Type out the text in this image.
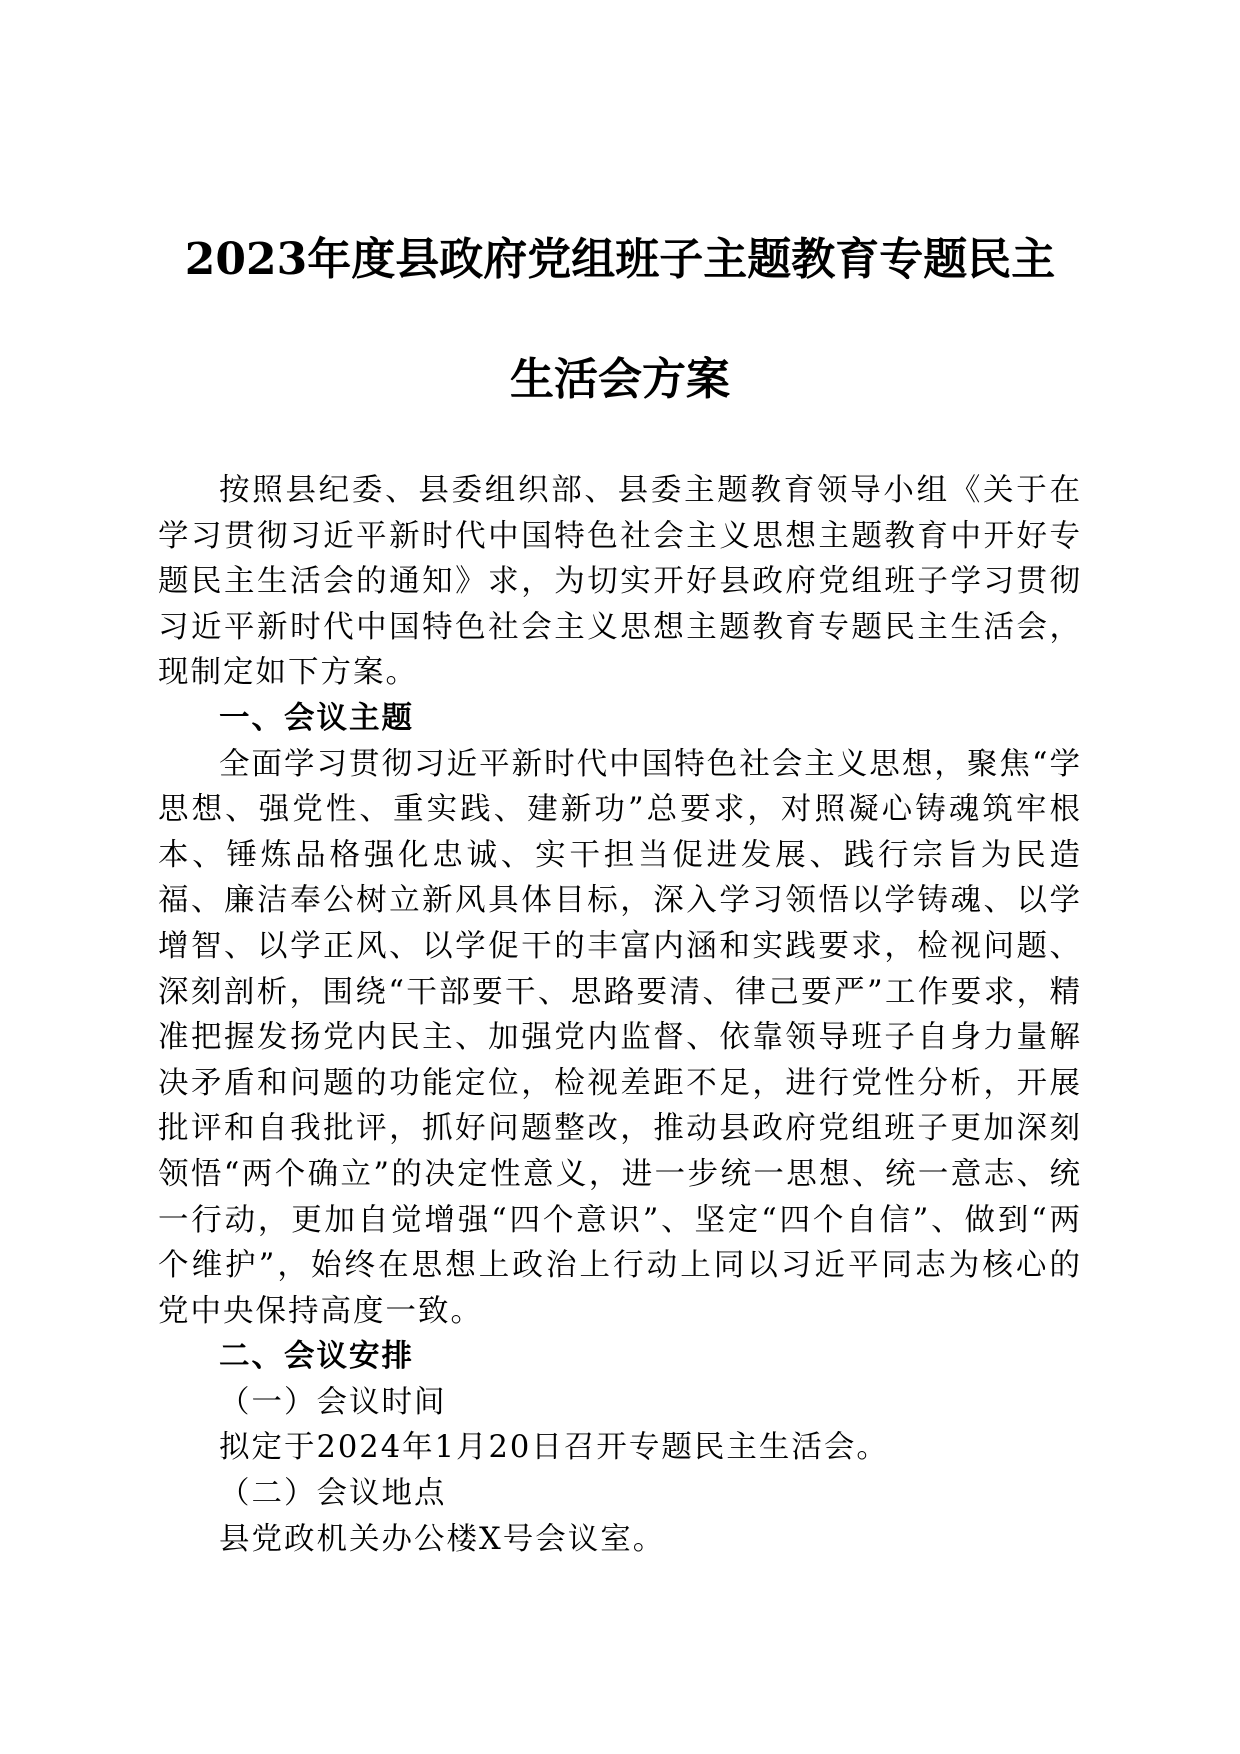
2023年度县政府党组班子主题教育专题民主
生活会方案

按照县纪委、县委组织部、县委主题教育领导小组《关于在学习贯彻习近平新时代中国特色社会主义思想主题教育中开好专题民主生活会的通知》求，为切实开好县政府党组班子学习贯彻习近平新时代中国特色社会主义思想主题教育专题民主生活会，现制定如下方案。

一、会议主题

全面学习贯彻习近平新时代中国特色社会主义思想，聚焦“学思想、强党性、重实践、建新功”总要求，对照凝心铸魂筑牢根本、锤炼品格强化忠诚、实干担当促进发展、践行宗旨为民造福、廉洁奉公树立新风具体目标，深入学习领悟以学铸魂、以学增智、以学正风、以学促干的丰富内涵和实践要求，检视问题、深刻剖析，围绕“干部要干、思路要清、律己要严”工作要求，精准把握发扬党内民主、加强党内监督、依靠领导班子自身力量解决矛盾和问题的功能定位，检视差距不足，进行党性分析，开展批评和自我批评，抓好问题整改，推动县政府党组班子更加深刻领悟“两个确立”的决定性意义，进一步统一思想、统一意志、统一行动，更加自觉增强“四个意识”、坚定“四个自信”、做到“两个维护”，始终在思想上政治上行动上同以习近平同志为核心的党中央保持高度一致。

二、会议安排

（一）会议时间

拟定于2024年1月20日召开专题民主生活会。

（二）会议地点

县党政机关办公楼X号会议室。
